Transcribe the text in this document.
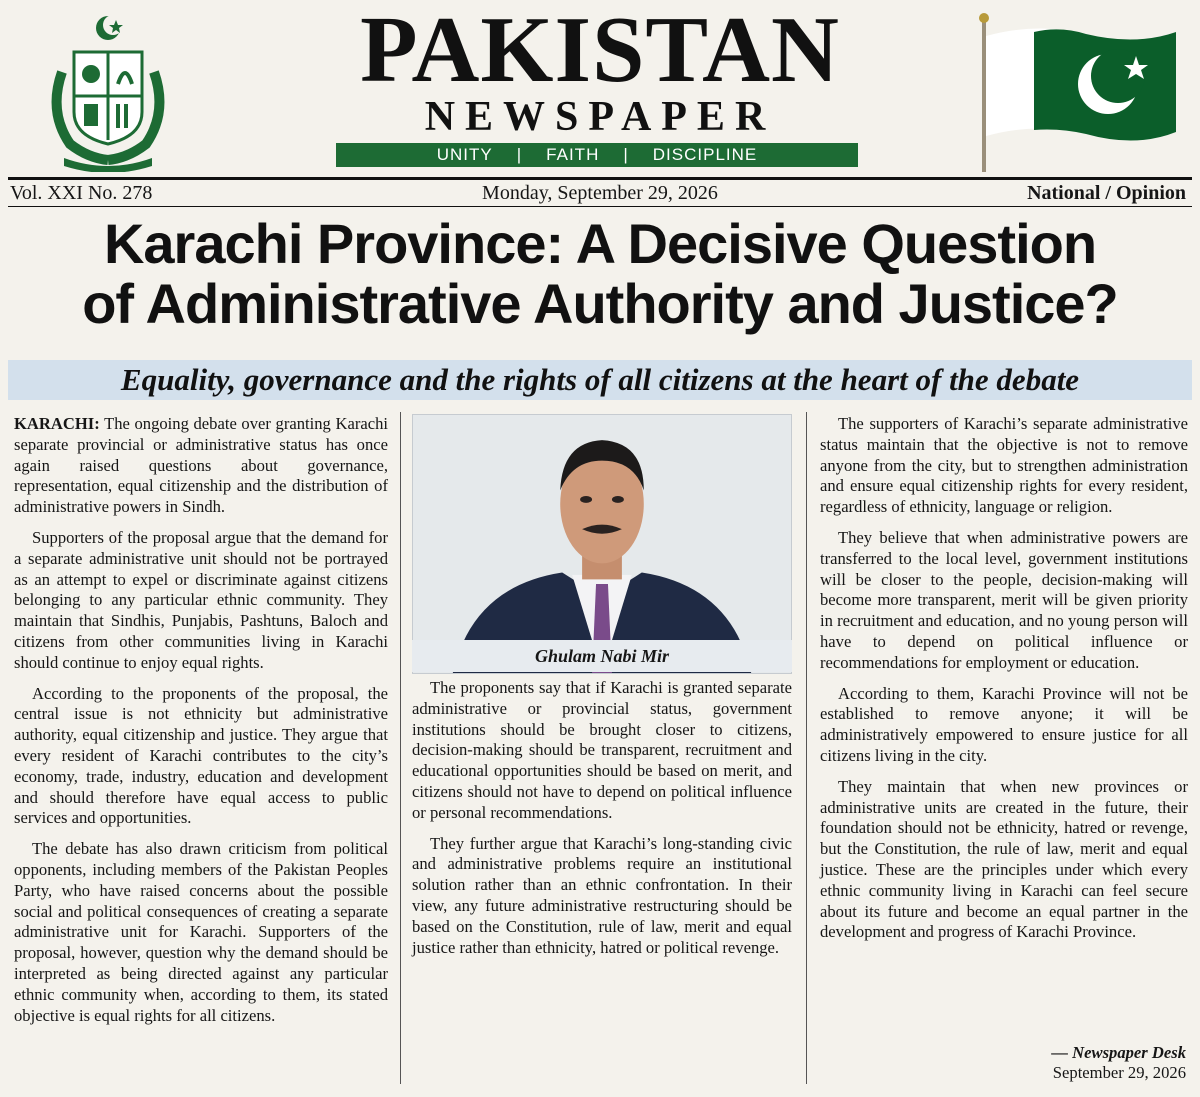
PAKISTAN
NEWSPAPER
UNITY	|	FAITH	|	DISCIPLINE
Vol. XXI No. 278	Monday, September 29, 2026	National / Opinion
Karachi Province: A Decisive Question
of Administrative Authority and Justice?
Equality, governance and the rights of all citizens at the heart of the debate

KARACHI: The ongoing debate over granting Karachi separate provincial or administrative status has once again raised questions about governance, representation, equal citizenship and the distribution of administrative powers in Sindh.

Supporters of the proposal argue that the demand for a separate administrative unit should not be portrayed as an attempt to expel or discriminate against citizens belonging to any particular ethnic community. They maintain that Sindhis, Punjabis, Pashtuns, Baloch and citizens from other communities living in Karachi should continue to enjoy equal rights.

According to the proponents of the proposal, the central issue is not ethnicity but administrative authority, equal citizenship and justice. They argue that every resident of Karachi contributes to the city’s economy, trade, industry, education and development and should therefore have equal access to public services and opportunities.

The debate has also drawn criticism from political opponents, including members of the Pakistan Peoples Party, who have raised concerns about the possible social and political consequences of creating a separate administrative unit for Karachi. Supporters of the proposal, however, question why the demand should be interpreted as being directed against any particular ethnic community when, according to them, its stated objective is equal rights for all citizens.

Ghulam Nabi Mir

The proponents say that if Karachi is granted separate administrative or provincial status, government institutions should be brought closer to citizens, decision-making should be transparent, recruitment and educational opportunities should be based on merit, and citizens should not have to depend on political influence or personal recommendations.

They further argue that Karachi’s long-standing civic and administrative problems require an institutional solution rather than an ethnic confrontation. In their view, any future administrative restructuring should be based on the Constitution, rule of law, merit and equal justice rather than ethnicity, hatred or political revenge.

The supporters of Karachi’s separate administrative status maintain that the objective is not to remove anyone from the city, but to strengthen administration and ensure equal citizenship rights for every resident, regardless of ethnicity, language or religion.

They believe that when administrative powers are transferred to the local level, government institutions will be closer to the people, decision-making will become more transparent, merit will be given priority in recruitment and education, and no young person will have to depend on political influence or recommendations for employment or education.

According to them, Karachi Province will not be established to remove anyone; it will be administratively empowered to ensure justice for all citizens living in the city.

They maintain that when new provinces or administrative units are created in the future, their foundation should not be ethnicity, hatred or revenge, but the Constitution, the rule of law, merit and equal justice. These are the principles under which every ethnic community living in Karachi can feel secure about its future and become an equal partner in the development and progress of Karachi Province.

— Newspaper Desk
September 29, 2026
